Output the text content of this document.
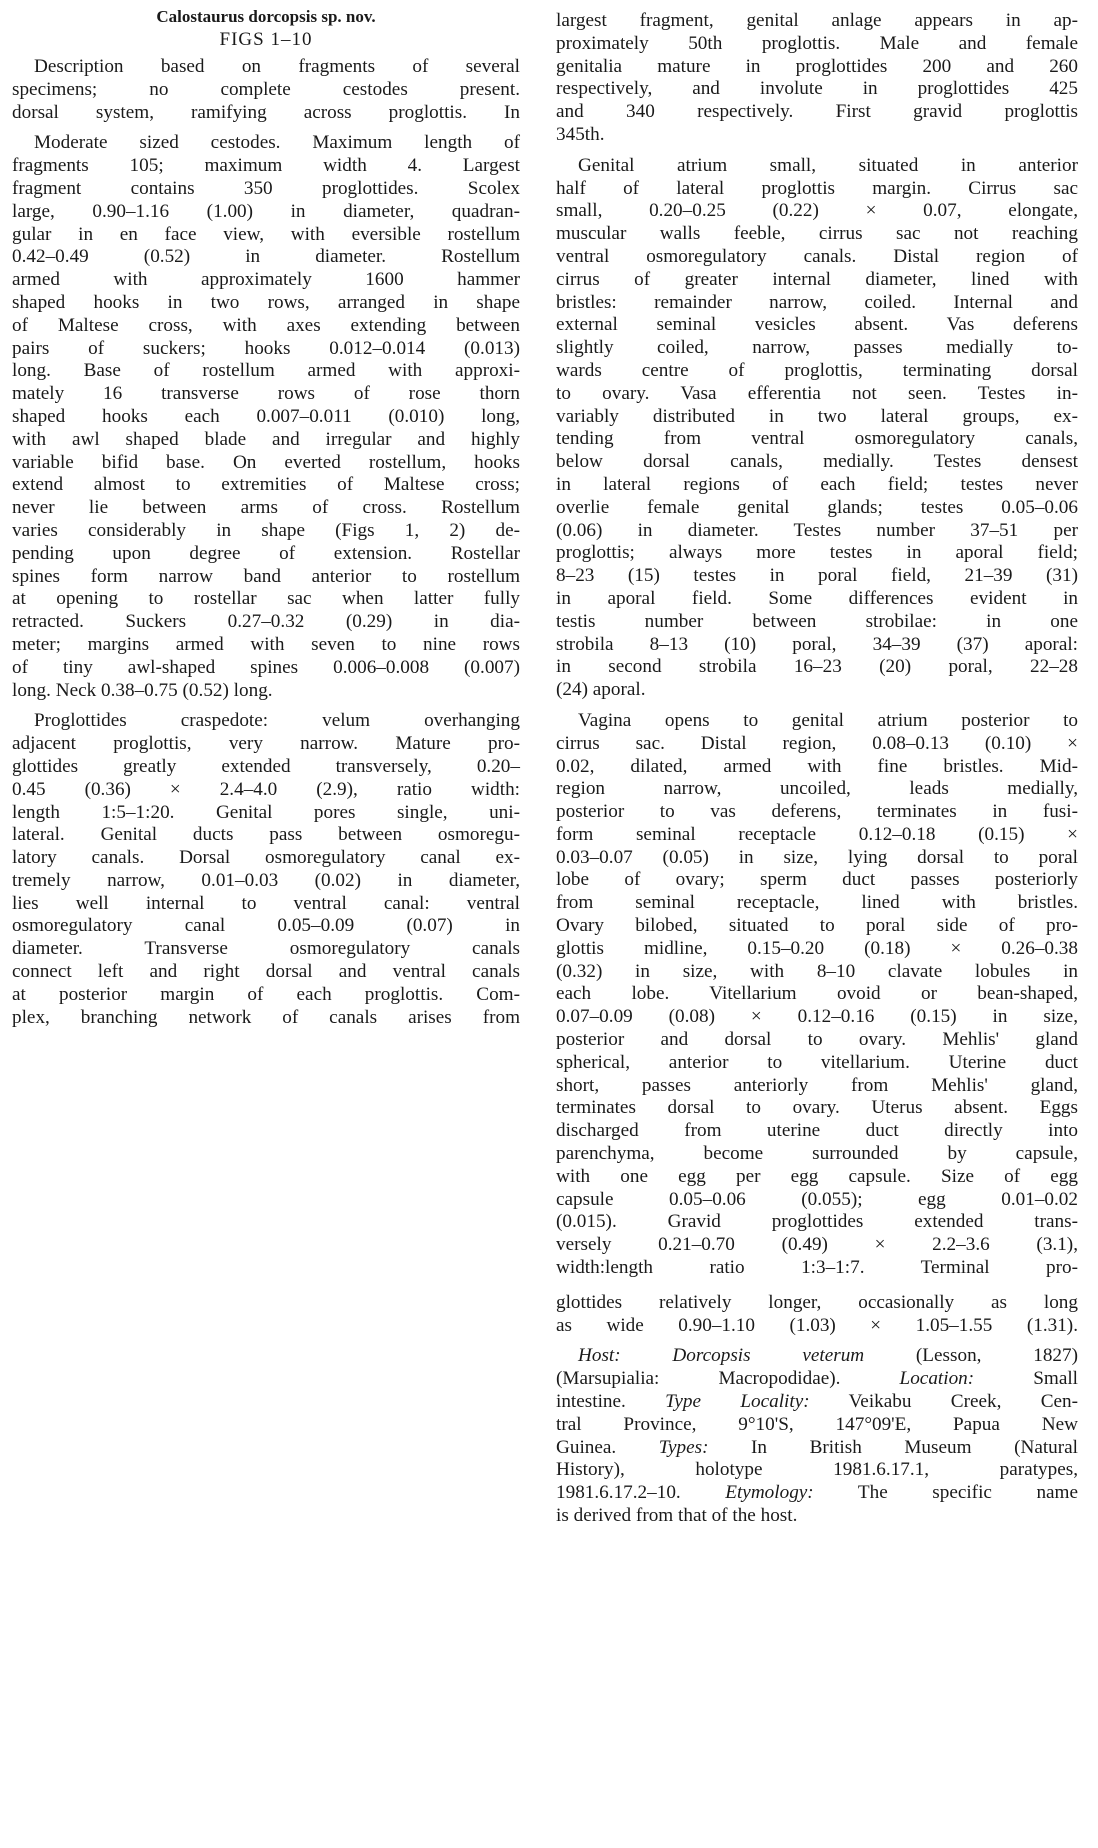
Calostaurus dorcopsis sp. nov.
FIGS 1–10
Description based on fragments of several
specimens; no complete cestodes present.
dorsal system, ramifying across proglottis. In
Moderate sized cestodes. Maximum length of
fragments 105; maximum width 4. Largest
fragment contains 350 proglottides. Scolex
large, 0.90–1.16 (1.00) in diameter, quadran-
gular in en face view, with eversible rostellum
0.42–0.49 (0.52) in diameter. Rostellum
armed with approximately 1600 hammer
shaped hooks in two rows, arranged in shape
of Maltese cross, with axes extending between
pairs of suckers; hooks 0.012–0.014 (0.013)
long. Base of rostellum armed with approxi-
mately 16 transverse rows of rose thorn
shaped hooks each 0.007–0.011 (0.010) long,
with awl shaped blade and irregular and highly
variable bifid base. On everted rostellum, hooks
extend almost to extremities of Maltese cross;
never lie between arms of cross. Rostellum
varies considerably in shape (Figs 1, 2) de-
pending upon degree of extension. Rostellar
spines form narrow band anterior to rostellum
at opening to rostellar sac when latter fully
retracted. Suckers 0.27–0.32 (0.29) in dia-
meter; margins armed with seven to nine rows
of tiny awl-shaped spines 0.006–0.008 (0.007)
long. Neck 0.38–0.75 (0.52) long.
Proglottides craspedote: velum overhanging
adjacent proglottis, very narrow. Mature pro-
glottides greatly extended transversely, 0.20–
0.45 (0.36) × 2.4–4.0 (2.9), ratio width:
length 1:5–1:20. Genital pores single, uni-
lateral. Genital ducts pass between osmoregu-
latory canals. Dorsal osmoregulatory canal ex-
tremely narrow, 0.01–0.03 (0.02) in diameter,
lies well internal to ventral canal: ventral
osmoregulatory canal 0.05–0.09 (0.07) in
diameter. Transverse osmoregulatory canals
connect left and right dorsal and ventral canals
at posterior margin of each proglottis. Com-
plex, branching network of canals arises from
largest fragment, genital anlage appears in ap-
proximately 50th proglottis. Male and female
genitalia mature in proglottides 200 and 260
respectively, and involute in proglottides 425
and 340 respectively. First gravid proglottis
345th.
Genital atrium small, situated in anterior
half of lateral proglottis margin. Cirrus sac
small, 0.20–0.25 (0.22) × 0.07, elongate,
muscular walls feeble, cirrus sac not reaching
ventral osmoregulatory canals. Distal region of
cirrus of greater internal diameter, lined with
bristles: remainder narrow, coiled. Internal and
external seminal vesicles absent. Vas deferens
slightly coiled, narrow, passes medially to-
wards centre of proglottis, terminating dorsal
to ovary. Vasa efferentia not seen. Testes in-
variably distributed in two lateral groups, ex-
tending from ventral osmoregulatory canals,
below dorsal canals, medially. Testes densest
in lateral regions of each field; testes never
overlie female genital glands; testes 0.05–0.06
(0.06) in diameter. Testes number 37–51 per
proglottis; always more testes in aporal field;
8–23 (15) testes in poral field, 21–39 (31)
in aporal field. Some differences evident in
testis number between strobilae: in one
strobila 8–13 (10) poral, 34–39 (37) aporal:
in second strobila 16–23 (20) poral, 22–28
(24) aporal.
Vagina opens to genital atrium posterior to
cirrus sac. Distal region, 0.08–0.13 (0.10) ×
0.02, dilated, armed with fine bristles. Mid-
region narrow, uncoiled, leads medially,
posterior to vas deferens, terminates in fusi-
form seminal receptacle 0.12–0.18 (0.15) ×
0.03–0.07 (0.05) in size, lying dorsal to poral
lobe of ovary; sperm duct passes posteriorly
from seminal receptacle, lined with bristles.
Ovary bilobed, situated to poral side of pro-
glottis midline, 0.15–0.20 (0.18) × 0.26–0.38
(0.32) in size, with 8–10 clavate lobules in
each lobe. Vitellarium ovoid or bean-shaped,
0.07–0.09 (0.08) × 0.12–0.16 (0.15) in size,
posterior and dorsal to ovary. Mehlis' gland
spherical, anterior to vitellarium. Uterine duct
short, passes anteriorly from Mehlis' gland,
terminates dorsal to ovary. Uterus absent. Eggs
discharged from uterine duct directly into
parenchyma, become surrounded by capsule,
with one egg per egg capsule. Size of egg
capsule 0.05–0.06 (0.055); egg 0.01–0.02
(0.015). Gravid proglottides extended trans-
versely 0.21–0.70 (0.49) × 2.2–3.6 (3.1),
width:length ratio 1:3–1:7. Terminal pro-
glottides relatively longer, occasionally as long
as wide 0.90–1.10 (1.03) × 1.05–1.55 (1.31).
Host:	Dorcopsis veterum	(Lesson, 1827)
(Marsupialia: Macropodidae).	Location:	Small
intestine. Type Locality: Veikabu Creek, Cen-
tral Province, 9°10'S, 147°09'E, Papua New
Guinea. Types: In British Museum (Natural
History), holotype 1981.6.17.1, paratypes,
1981.6.17.2–10. Etymology: The specific name
is derived from that of the host.
